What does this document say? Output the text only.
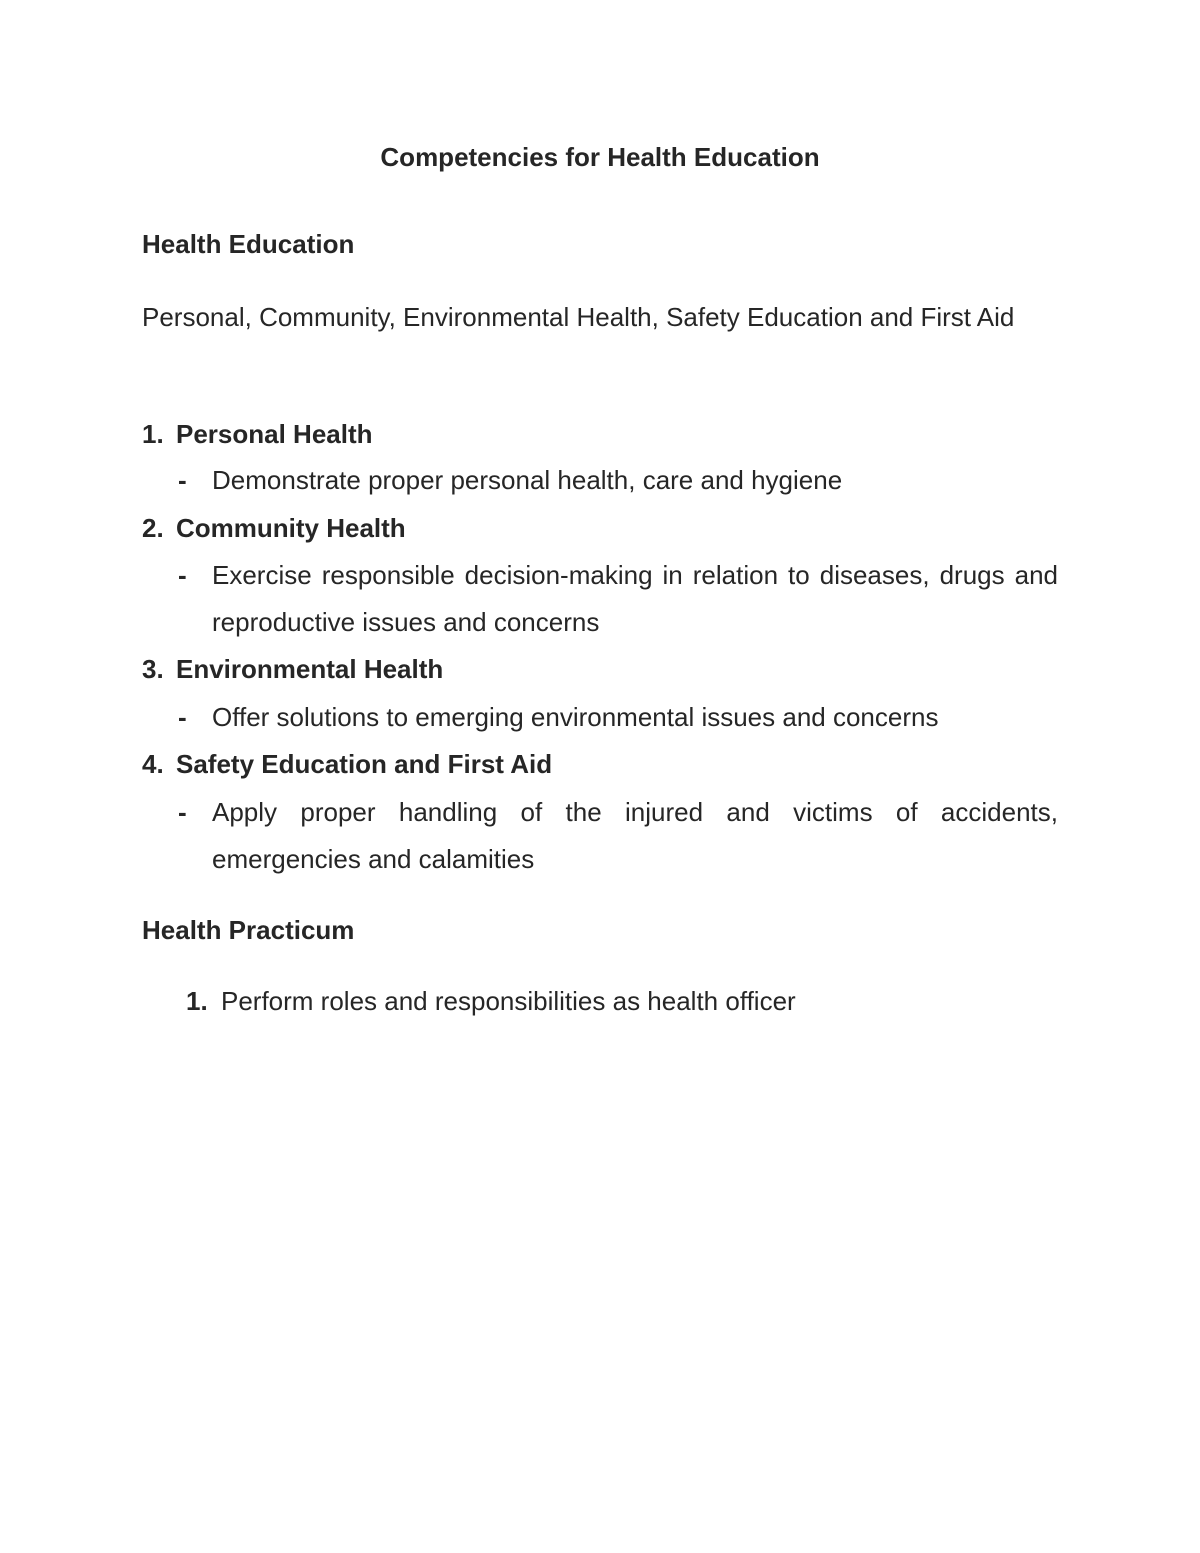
Competencies for Health Education
Health Education

Personal, Community, Environmental Health, Safety Education and First Aid

1. Personal Health
- Demonstrate proper personal health, care and hygiene
2. Community Health
- Exercise responsible decision-making in relation to diseases, drugs and reproductive issues and concerns
3. Environmental Health
- Offer solutions to emerging environmental issues and concerns
4. Safety Education and First Aid
- Apply proper handling of the injured and victims of accidents, emergencies and calamities
Health Practicum
1. Perform roles and responsibilities as health officer
